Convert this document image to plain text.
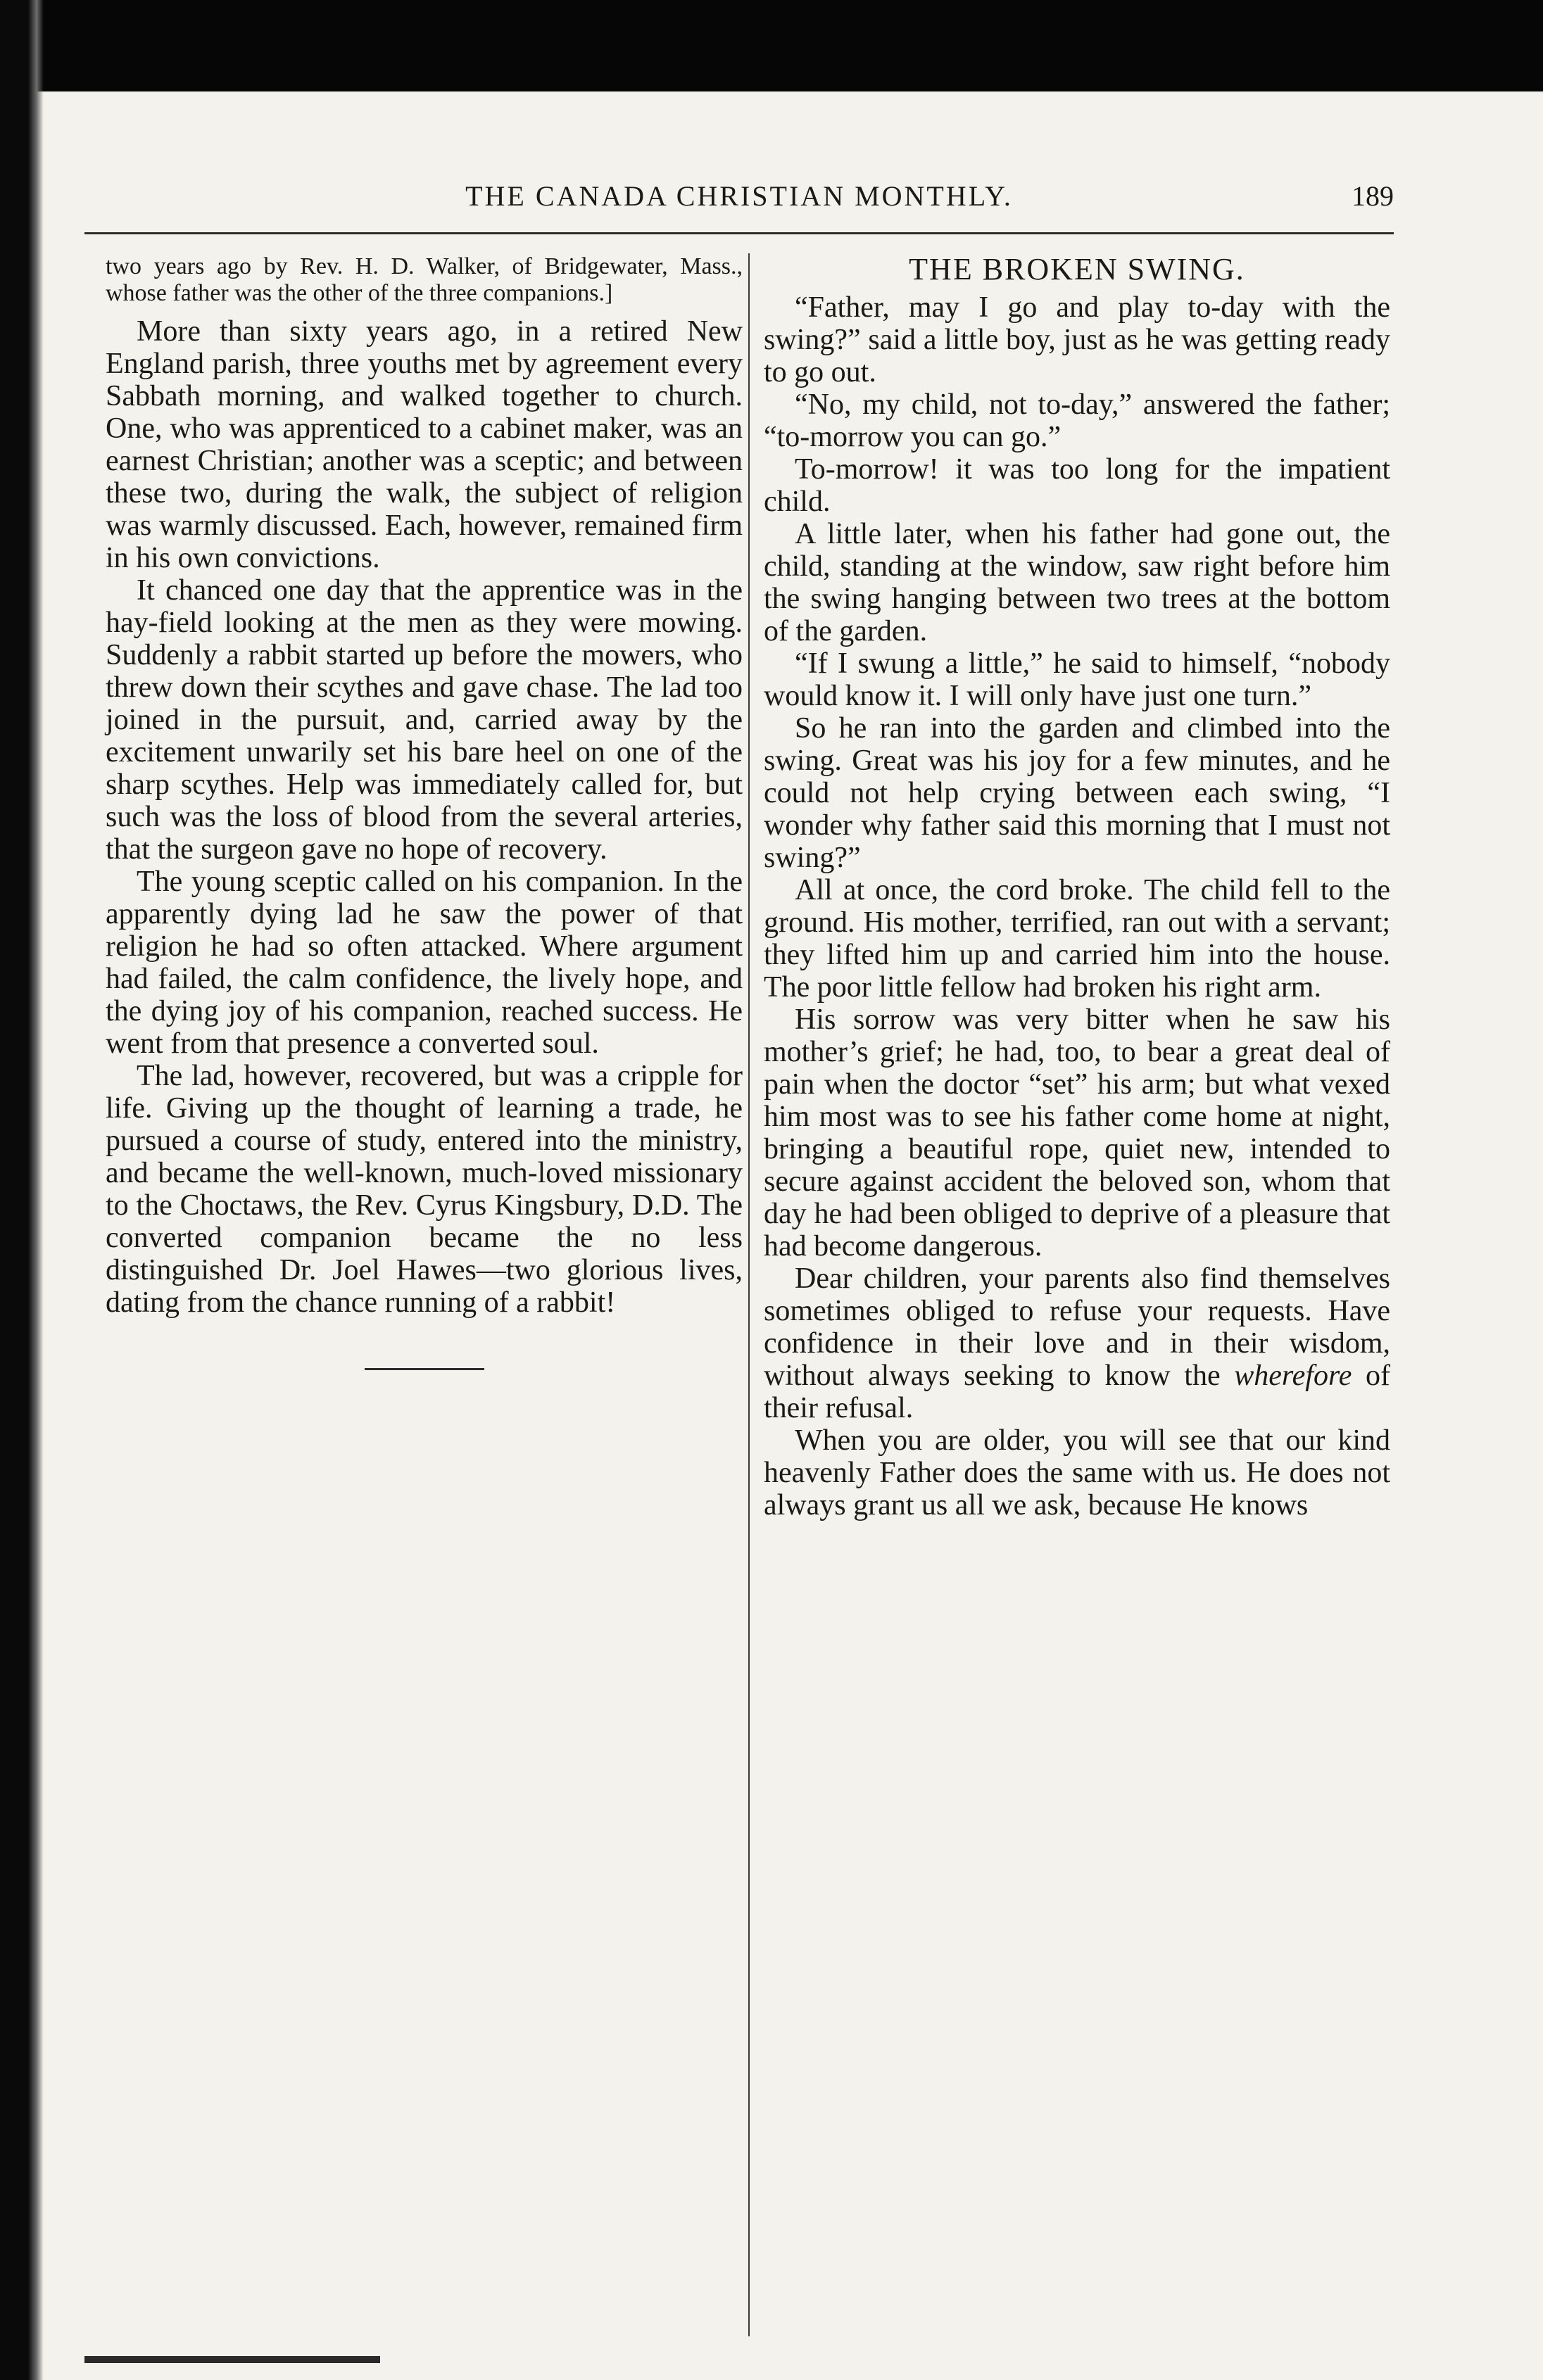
THE CANADA CHRISTIAN MONTHLY.	189
two years ago by Rev. H. D. Walker, of Bridgewater, Mass., whose father was the other of the three companions.]

More than sixty years ago, in a retired New England parish, three youths met by agreement every Sabbath morning, and walked together to church. One, who was apprenticed to a cabinet maker, was an earnest Christian; another was a sceptic; and between these two, during the walk, the subject of religion was warmly discussed. Each, however, remained firm in his own convictions.

It chanced one day that the apprentice was in the hay-field looking at the men as they were mowing. Suddenly a rabbit started up before the mowers, who threw down their scythes and gave chase. The lad too joined in the pursuit, and, carried away by the excitement unwarily set his bare heel on one of the sharp scythes. Help was immediately called for, but such was the loss of blood from the several arteries, that the surgeon gave no hope of recovery.

The young sceptic called on his companion. In the apparently dying lad he saw the power of that religion he had so often attacked. Where argument had failed, the calm confidence, the lively hope, and the dying joy of his companion, reached success. He went from that presence a converted soul.

The lad, however, recovered, but was a cripple for life. Giving up the thought of learning a trade, he pursued a course of study, entered into the ministry, and became the well-known, much-loved missionary to the Choctaws, the Rev. Cyrus Kingsbury, D.D. The converted companion became the no less distinguished Dr. Joel Hawes—two glorious lives, dating from the chance running of a rabbit!

THE BROKEN SWING.

“Father, may I go and play to-day with the swing?” said a little boy, just as he was getting ready to go out.

“No, my child, not to-day,” answered the father; “to-morrow you can go.”

To-morrow! it was too long for the impatient child.

A little later, when his father had gone out, the child, standing at the window, saw right before him the swing hanging between two trees at the bottom of the garden.

“If I swung a little,” he said to himself, “nobody would know it. I will only have just one turn.”

So he ran into the garden and climbed into the swing. Great was his joy for a few minutes, and he could not help crying between each swing, “I wonder why father said this morning that I must not swing?”

All at once, the cord broke. The child fell to the ground. His mother, terrified, ran out with a servant; they lifted him up and carried him into the house. The poor little fellow had broken his right arm.

His sorrow was very bitter when he saw his mother’s grief; he had, too, to bear a great deal of pain when the doctor “set” his arm; but what vexed him most was to see his father come home at night, bringing a beautiful rope, quiet new, intended to secure against accident the beloved son, whom that day he had been obliged to deprive of a pleasure that had become dangerous.

Dear children, your parents also find themselves sometimes obliged to refuse your requests. Have confidence in their love and in their wisdom, without always seeking to know the wherefore of their refusal.

When you are older, you will see that our kind heavenly Father does the same with us. He does not always grant us all we ask, because He knows
